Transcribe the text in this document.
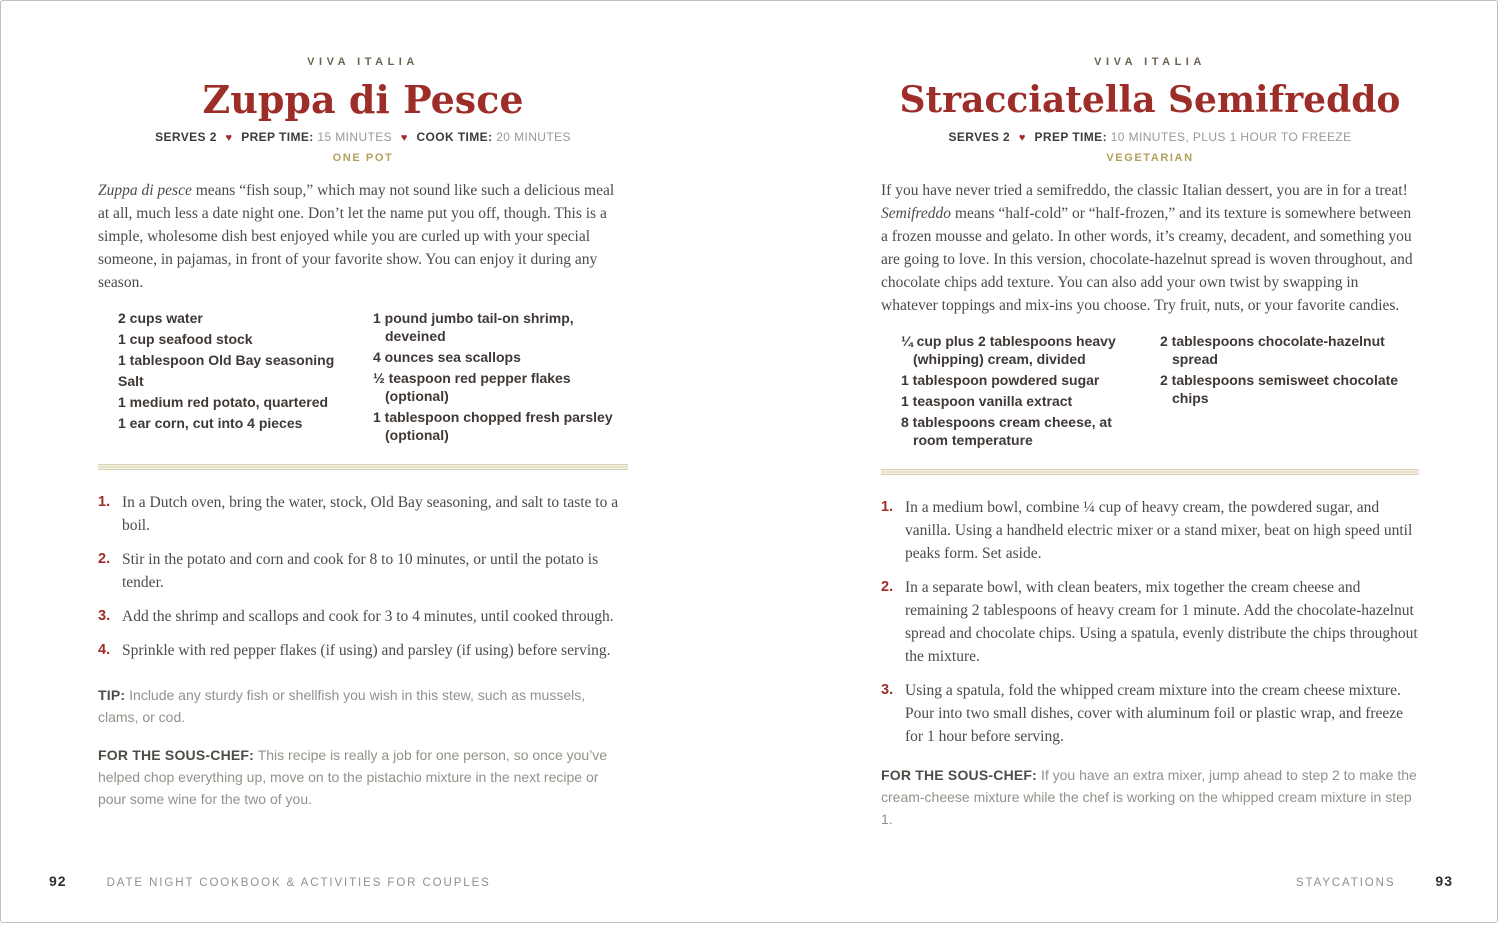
VIVA ITALIA
Zuppa di Pesce
SERVES 2 ♥ PREP TIME: 15 MINUTES ♥ COOK TIME: 20 MINUTES
ONE POT

Zuppa di pesce means “fish soup,” which may not sound like such a delicious meal at all, much less a date night one. Don’t let the name put you off, though. This is a simple, wholesome dish best enjoyed while you are curled up with your special someone, in pajamas, in front of your favorite show. You can enjoy it during any season.

2 cups water
1 cup seafood stock
1 tablespoon Old Bay seasoning
Salt
1 medium red potato, quartered
1 ear corn, cut into 4 pieces
1 pound jumbo tail-on shrimp, deveined
4 ounces sea scallops
½ teaspoon red pepper flakes (optional)
1 tablespoon chopped fresh parsley (optional)
1. In a Dutch oven, bring the water, stock, Old Bay seasoning, and salt to taste to a boil.
2. Stir in the potato and corn and cook for 8 to 10 minutes, or until the potato is tender.
3. Add the shrimp and scallops and cook for 3 to 4 minutes, until cooked through.
4. Sprinkle with red pepper flakes (if using) and parsley (if using) before serving.

TIP: Include any sturdy fish or shellfish you wish in this stew, such as mussels, clams, or cod.

FOR THE SOUS-CHEF: This recipe is really a job for one person, so once you’ve helped chop everything up, move on to the pistachio mixture in the next recipe or pour some wine for the two of you.

VIVA ITALIA
Stracciatella Semifreddo
SERVES 2 ♥ PREP TIME: 10 MINUTES, PLUS 1 HOUR TO FREEZE
VEGETARIAN

If you have never tried a semifreddo, the classic Italian dessert, you are in for a treat! Semifreddo means “half-cold” or “half-frozen,” and its texture is somewhere between a frozen mousse and gelato. In other words, it’s creamy, decadent, and something you are going to love. In this version, chocolate-hazelnut spread is woven throughout, and chocolate chips add texture. You can also add your own twist by swapping in whatever toppings and mix-ins you choose. Try fruit, nuts, or your favorite candies.

¼ cup plus 2 tablespoons heavy (whipping) cream, divided
1 tablespoon powdered sugar
1 teaspoon vanilla extract
8 tablespoons cream cheese, at room temperature
2 tablespoons chocolate-hazelnut spread
2 tablespoons semisweet chocolate chips
1. In a medium bowl, combine ¼ cup of heavy cream, the powdered sugar, and vanilla. Using a handheld electric mixer or a stand mixer, beat on high speed until peaks form. Set aside.
2. In a separate bowl, with clean beaters, mix together the cream cheese and remaining 2 tablespoons of heavy cream for 1 minute. Add the chocolate-hazelnut spread and chocolate chips. Using a spatula, evenly distribute the chips throughout the mixture.
3. Using a spatula, fold the whipped cream mixture into the cream cheese mixture. Pour into two small dishes, cover with aluminum foil or plastic wrap, and freeze for 1 hour before serving.

FOR THE SOUS-CHEF: If you have an extra mixer, jump ahead to step 2 to make the cream-cheese mixture while the chef is working on the whipped cream mixture in step 1.

92	DATE NIGHT COOKBOOK & ACTIVITIES FOR COUPLES	STAYCATIONS	93
